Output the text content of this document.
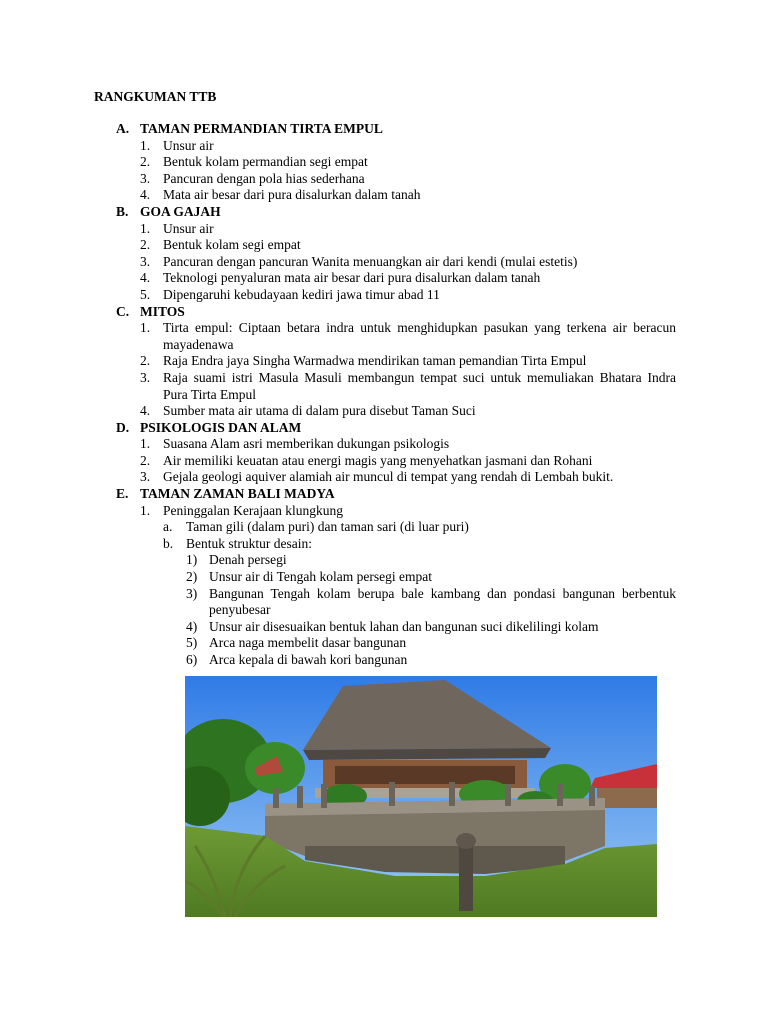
RANGKUMAN TTB
A. TAMAN PERMANDIAN TIRTA EMPUL
1. Unsur air
2. Bentuk kolam permandian segi empat
3. Pancuran dengan pola hias sederhana
4. Mata air besar dari pura disalurkan dalam tanah
B. GOA GAJAH
1. Unsur air
2. Bentuk kolam segi empat
3. Pancuran dengan pancuran Wanita menuangkan air dari kendi (mulai estetis)
4. Teknologi penyaluran mata air besar dari pura disalurkan dalam tanah
5. Dipengaruhi kebudayaan kediri jawa timur abad 11
C. MITOS
1. Tirta empul: Ciptaan betara indra untuk menghidupkan pasukan yang terkena air beracun mayadenawa
2. Raja Endra jaya Singha Warmadwa mendirikan taman pemandian Tirta Empul
3. Raja suami istri Masula Masuli membangun tempat suci untuk memuliakan Bhatara Indra Pura Tirta Empul
4. Sumber mata air utama di dalam pura disebut Taman Suci
D. PSIKOLOGIS DAN ALAM
1. Suasana Alam asri memberikan dukungan psikologis
2. Air memiliki keuatan atau energi magis yang menyehatkan jasmani dan Rohani
3. Gejala geologi aquiver alamiah air muncul di tempat yang rendah di Lembah bukit.
E. TAMAN ZAMAN BALI MADYA
1. Peninggalan Kerajaan klungkung
a.	Taman gili (dalam puri) dan taman sari (di luar puri)
b. Bentuk struktur desain:
1) Denah persegi
2) Unsur air di Tengah kolam persegi empat
3) Bangunan Tengah kolam berupa bale kambang dan pondasi bangunan berbentuk penyubesar
4) Unsur air disesuaikan bentuk lahan dan bangunan suci dikelilingi kolam
5) Arca naga membelit dasar bangunan
6) Arca kepala di bawah kori bangunan
